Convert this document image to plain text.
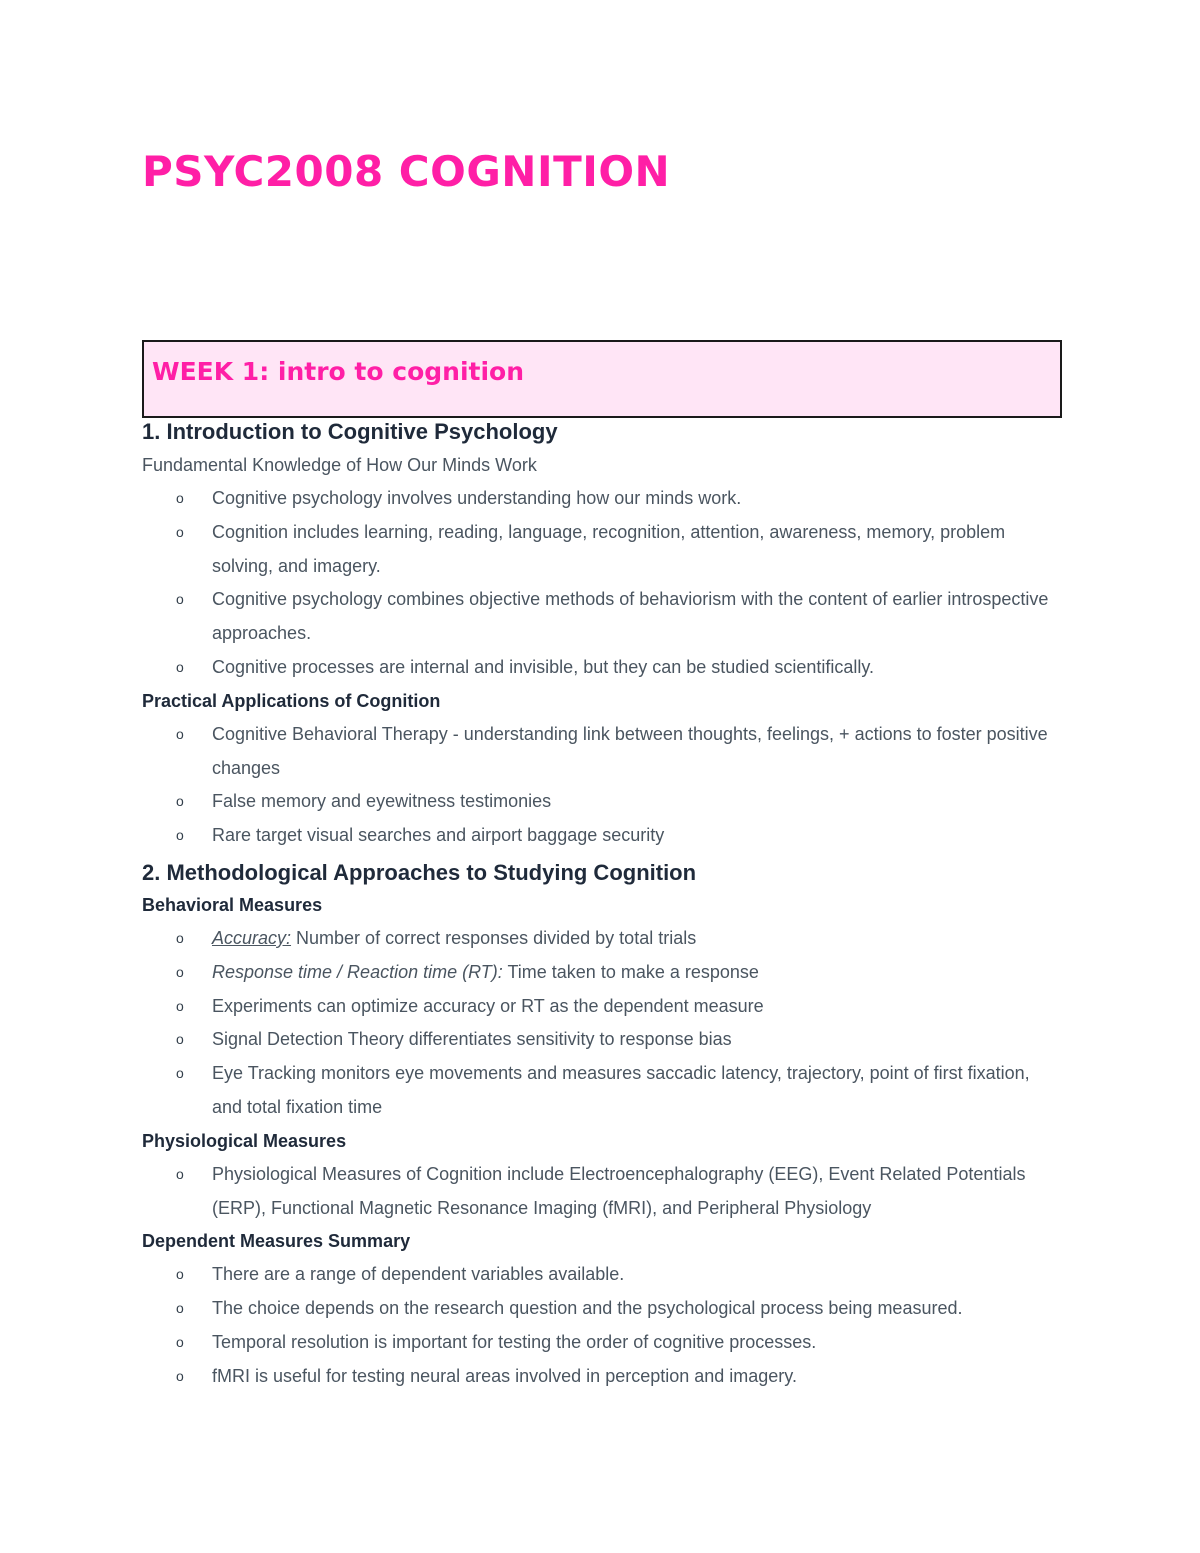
PSYC2008 COGNITION
WEEK 1: intro to cognition
1. Introduction to Cognitive Psychology

Fundamental Knowledge of How Our Minds Work

o Cognitive psychology involves understanding how our minds work.
o Cognition includes learning, reading, language, recognition, attention, awareness, memory, problem solving, and imagery.
o Cognitive psychology combines objective methods of behaviorism with the content of earlier introspective approaches.
o Cognitive processes are internal and invisible, but they can be studied scientifically.
Practical Applications of Cognition
o Cognitive Behavioral Therapy - understanding link between thoughts, feelings, + actions to foster positive changes
o False memory and eyewitness testimonies
o Rare target visual searches and airport baggage security
2. Methodological Approaches to Studying Cognition
Behavioral Measures
o Accuracy: Number of correct responses divided by total trials
o Response time / Reaction time (RT): Time taken to make a response
o Experiments can optimize accuracy or RT as the dependent measure
o Signal Detection Theory differentiates sensitivity to response bias
o Eye Tracking monitors eye movements and measures saccadic latency, trajectory, point of first fixation, and total fixation time
Physiological Measures
o Physiological Measures of Cognition include Electroencephalography (EEG), Event Related Potentials (ERP), Functional Magnetic Resonance Imaging (fMRI), and Peripheral Physiology
Dependent Measures Summary
o There are a range of dependent variables available.
o The choice depends on the research question and the psychological process being measured.
o Temporal resolution is important for testing the order of cognitive processes.
o fMRI is useful for testing neural areas involved in perception and imagery.
